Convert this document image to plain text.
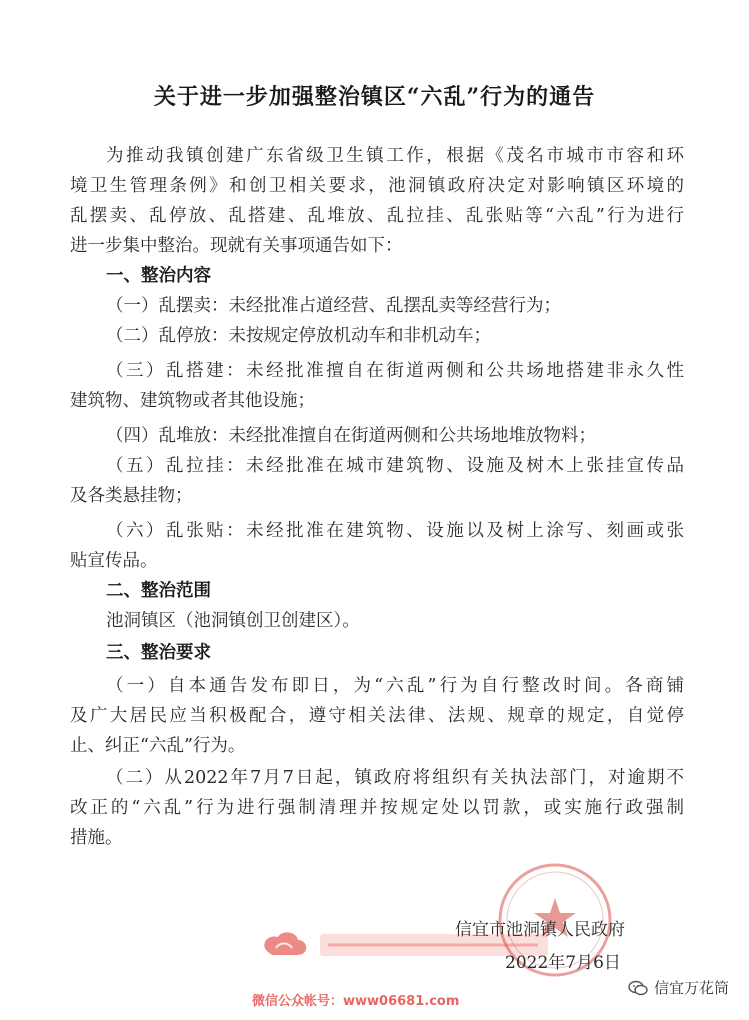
关于进一步加强整治镇区“六乱”行为的通告
为推动我镇创建广东省级卫生镇工作，根据《茂名市城市市容和环
境卫生管理条例》和创卫相关要求，池洞镇政府决定对影响镇区环境的
乱摆卖、乱停放、乱搭建、乱堆放、乱拉挂、乱张贴等“六乱”行为进行
进一步集中整治。现就有关事项通告如下：
一、整治内容
（一）乱摆卖：未经批准占道经营、乱摆乱卖等经营行为；
（二）乱停放：未按规定停放机动车和非机动车；
（三）乱搭建：未经批准擅自在街道两侧和公共场地搭建非永久性
建筑物、建筑物或者其他设施；
（四）乱堆放：未经批准擅自在街道两侧和公共场地堆放物料；
（五）乱拉挂：未经批准在城市建筑物、设施及树木上张挂宣传品
及各类悬挂物；
（六）乱张贴：未经批准在建筑物、设施以及树上涂写、刻画或张
贴宣传品。
二、整治范围
池洞镇区（池洞镇创卫创建区）。
三、整治要求
（一）自本通告发布即日，为“六乱”行为自行整改时间。各商铺
及广大居民应当积极配合，遵守相关法律、法规、规章的规定，自觉停
止、纠正“六乱”行为。
（二）从2022年7月7日起，镇政府将组织有关执法部门，对逾期不
改正的“六乱”行为进行强制清理并按规定处以罚款，或实施行政强制
措施。
信宜市池洞镇人民政府
2022年7月6日
微信公众帐号：www06681.com
信宜万花筒
